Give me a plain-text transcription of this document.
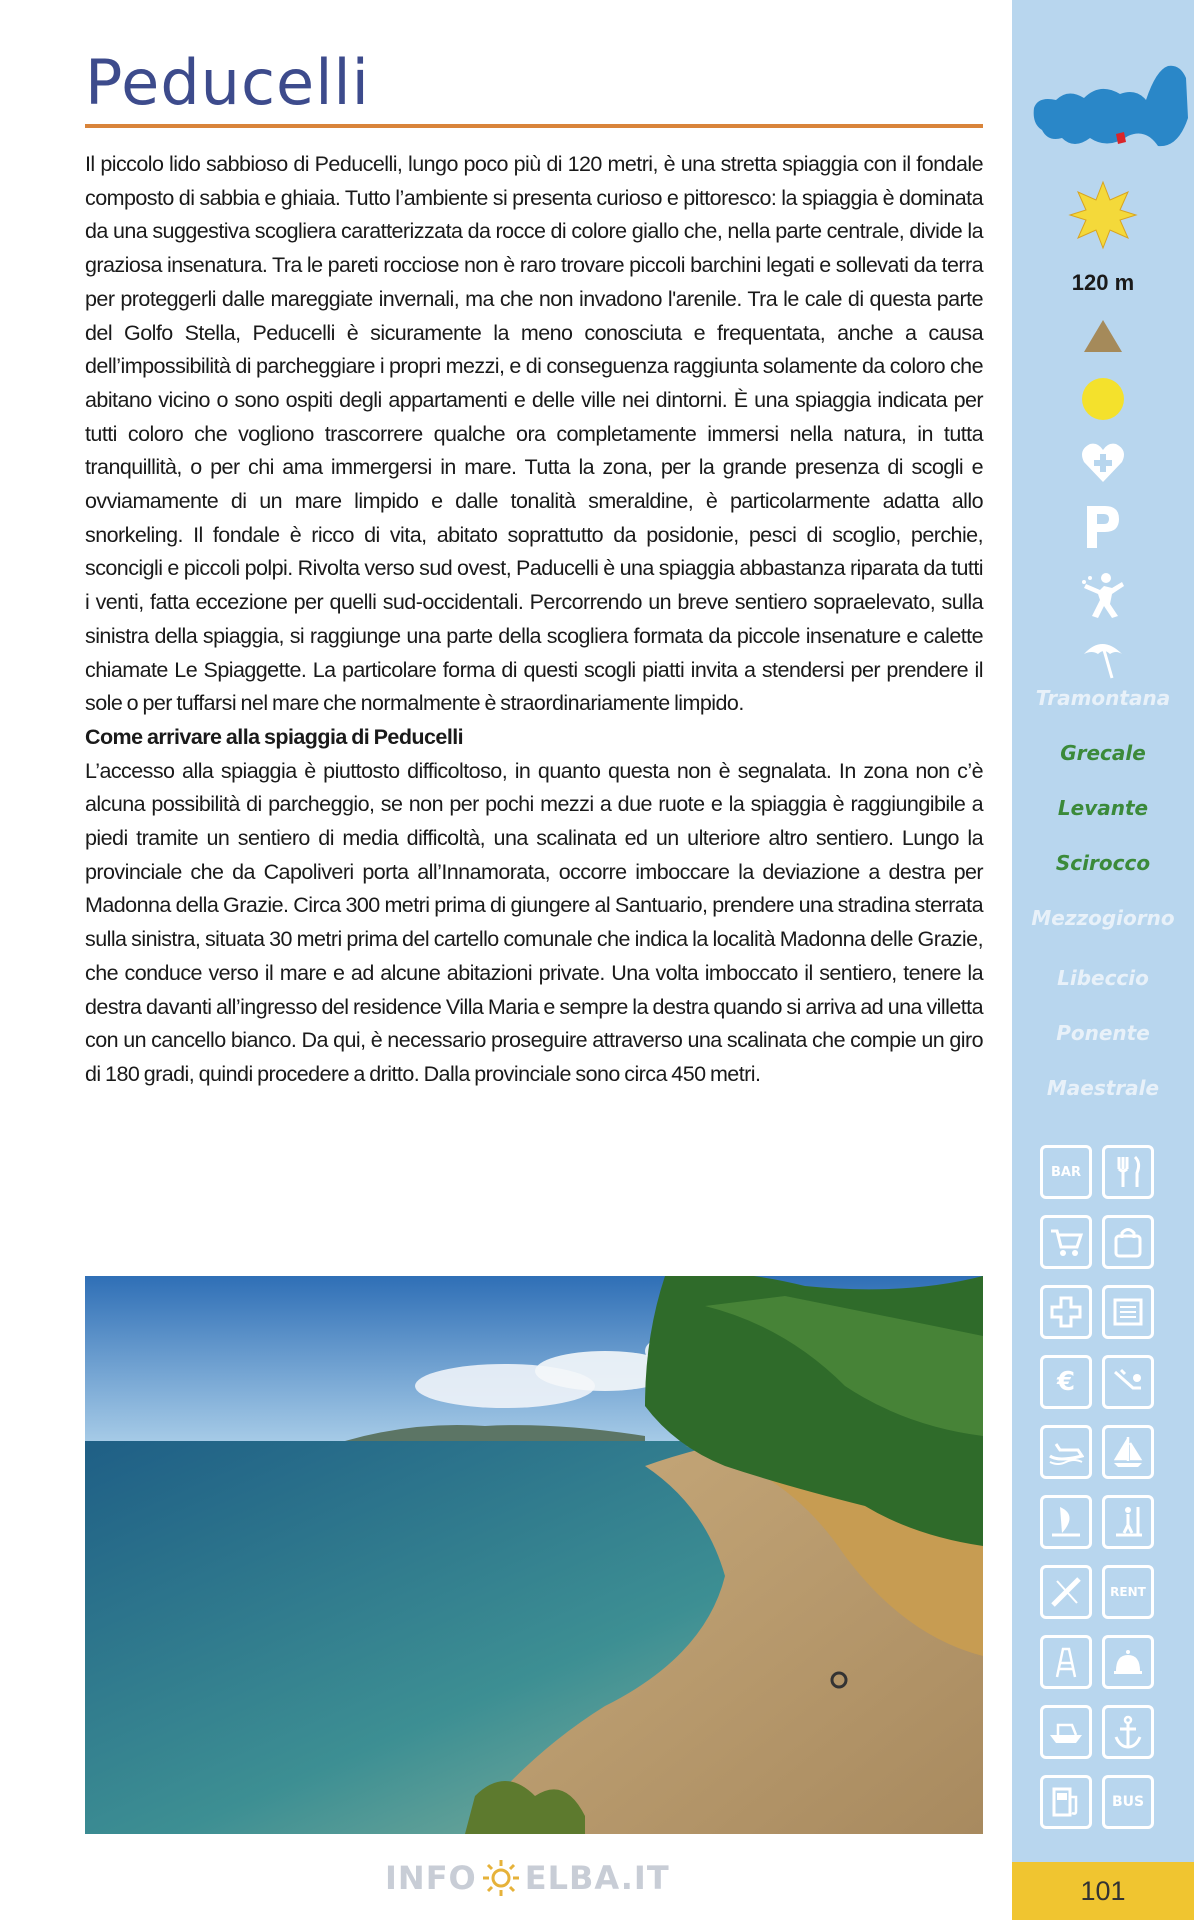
Peducelli

Il piccolo lido sabbioso di Peducelli, lungo poco più di 120 metri, è una stretta spiaggia con il fondale composto di sabbia e ghiaia. Tutto l’ambiente si presenta curioso e pittoresco: la spiaggia è dominata da una suggestiva scogliera caratterizzata da rocce di colore giallo che, nella parte centrale, divide la graziosa insenatura. Tra le pareti rocciose non è raro trovare piccoli barchini legati e sollevati da terra per proteggerli dalle mareggiate invernali, ma che non invadono l'arenile. Tra le cale di questa parte del Golfo Stella, Peducelli è sicuramente la meno conosciuta e frequentata, anche a causa dell’impossibilità di parcheggiare i propri mezzi, e di conseguenza raggiunta solamente da coloro che abitano vicino o sono ospiti degli appartamenti e delle ville nei dintorni. È una spiaggia indicata per tutti coloro che vogliono trascorrere qualche ora completamente immersi nella natura, in tutta tranquillità, o per chi ama immergersi in mare. Tutta la zona, per la grande presenza di scogli e ovviamamente di un mare limpido e dalle tonalità smeraldine, è particolarmente adatta allo snorkeling. Il fondale è ricco di vita, abitato soprattutto da posidonie, pesci di scoglio, perchie, sconcigli e piccoli polpi. Rivolta verso sud ovest, Paducelli è una spiaggia abbastanza riparata da tutti i venti, fatta eccezione per quelli sud-occidentali. Percorrendo un breve sentiero sopraelevato, sulla sinistra della spiaggia, si raggiunge una parte della scogliera formata da piccole insenature e calette chiamate Le Spiaggette. La particolare forma di questi scogli piatti invita a stendersi per prendere il sole o per tuffarsi nel mare che normalmente è straordinariamente limpido.

Come arrivare alla spiaggia di Peducelli

L’accesso alla spiaggia è piuttosto difficoltoso, in quanto questa non è segnalata. In zona non c’è alcuna possibilità di parcheggio, se non per pochi mezzi a due ruote e la spiaggia è raggiungibile a piedi tramite un sentiero di media difficoltà, una scalinata ed un ulteriore altro sentiero. Lungo la provinciale che da Capoliveri porta all’Innamorata, occorre imboccare la deviazione a destra per Madonna della Grazie. Circa 300 metri prima di giungere al Santuario, prendere una stradina sterrata sulla sinistra, situata 30 metri prima del cartello comunale che indica la località Madonna delle Grazie, che conduce verso il mare e ad alcune abitazioni private. Una volta imboccato il sentiero, tenere la destra davanti all’ingresso del residence Villa Maria e sempre la destra quando si arriva ad una villetta con un cancello bianco. Da qui, è necessario proseguire attraverso una scalinata che compie un giro di 180 gradi, quindi procedere a dritto. Dalla provinciale sono circa 450 metri.

INFO ELBA.IT
120 m
Tramontana
Grecale
Levante
Scirocco
Mezzogiorno
Libeccio
Ponente
Maestrale
BAR
€
RENT
BUS
101
